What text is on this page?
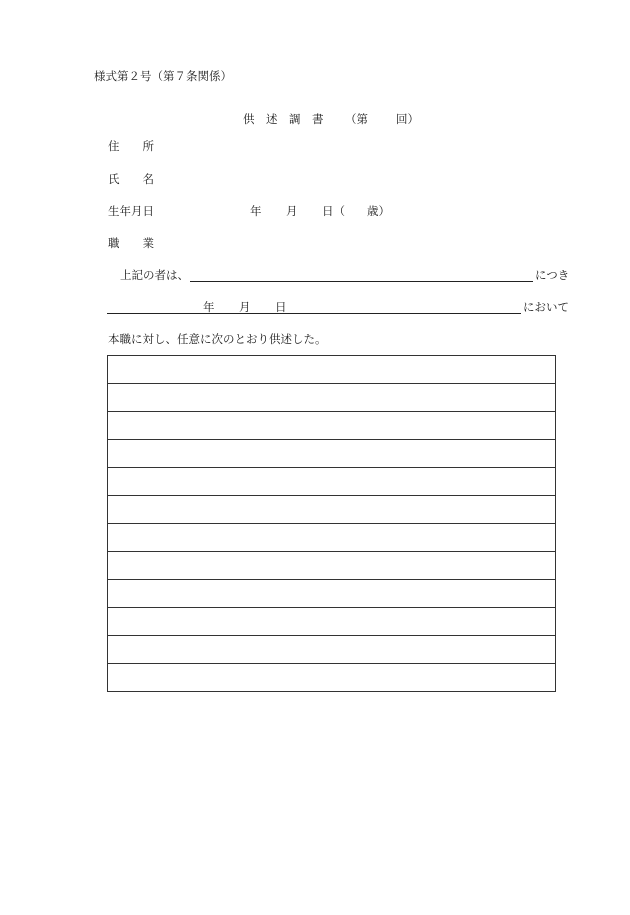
様式第２号（第７条関係）
供　述　調　書 （第 回）
住　　所
氏　　名
生年月日	年 月 日（ 歳）
職　　業
上記の者は、	につき
年 月 日	において
本職に対し、任意に次のとおり供述した。
